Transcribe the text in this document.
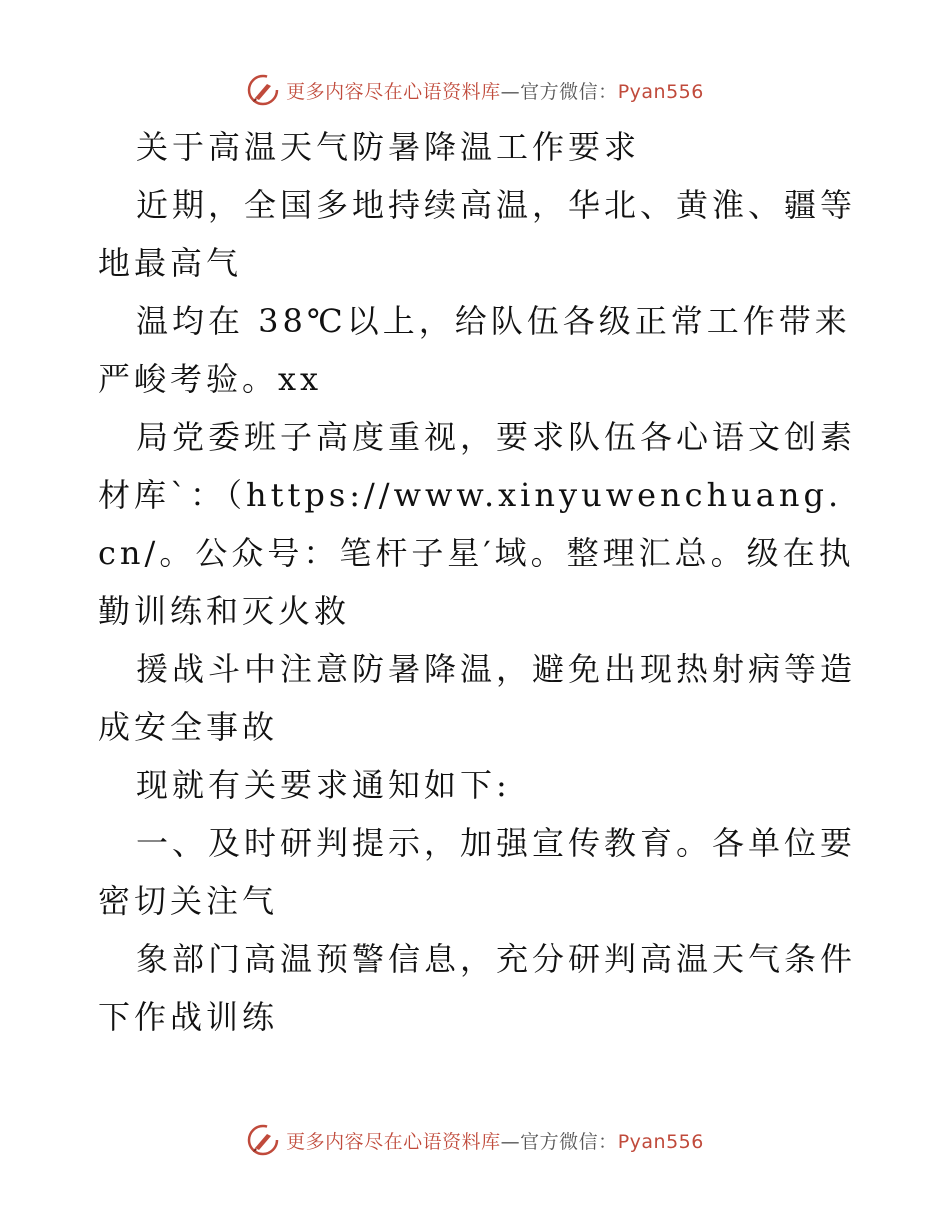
更多内容尽在心语资料库—官方微信：Pyan556

关于高温天气防暑降温工作要求

近期，全国多地持续高温，华北、黄淮、疆等地最高气

温均在 38℃以上，给队伍各级正常工作带来严峻考验。xx

局党委班子高度重视，要求队伍各心语文创素材库`：（https://www.xinyuwenchuang.cn/。公众号：笔杆子星′域。整理汇总。级在执勤训练和灭火救

援战斗中注意防暑降温，避免出现热射病等造成安全事故

现就有关要求通知如下:

一、及时研判提示，加强宣传教育。各单位要密切关注气

象部门高温预警信息，充分研判高温天气条件下作战训练

更多内容尽在心语资料库—官方微信：Pyan556
